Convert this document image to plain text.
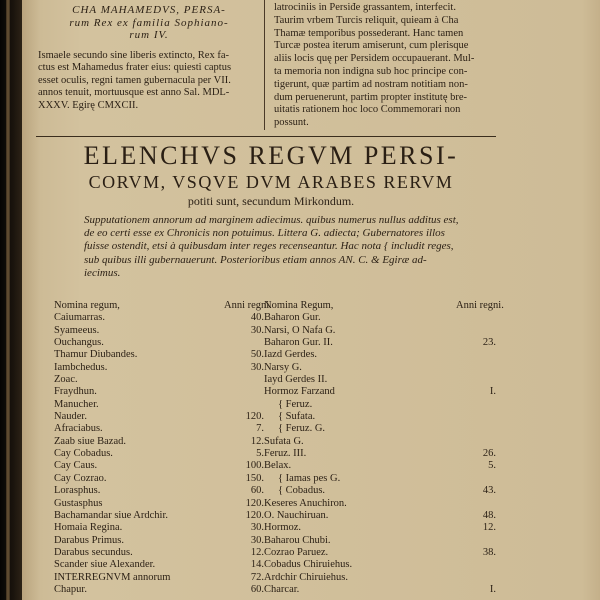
CHA MAHAMEDVS, PERSA-
rum Rex ex familia Sophiano-
rum IV.
Ismaele secundo sine liberis extincto, Rex fa-
ctus est Mahamedus frater eius: quiesti captus
esset oculis, regni tamen gubernacula per VII.
annos tenuit, mortuusque est anno Sal. MDL-
XXXV. Egirę CMXCII.
latrociniis in Persiđe grassantem, interfecit.
Taurim vrbem Turcis reliquit, quieam à Cha
Thamæ temporibus possederant. Hanc tamen
Turcæ postea iterum amiserunt, cum plerisque
aliis locis quę per Persidem occupauerant. Mul-
ta memoria non indigna sub hoc principe con-
tigerunt, quæ partim ad nostram notitiam non-
dum peruenerunt, partim propter institutę bre-
uitatis rationem hoc loco Commemorari non
possunt.
ELENCHVS REGVM PERSI-
CORVM, VSQVE DVM ARABES RERVM
potiti sunt, secundum Mirkondum.
Supputationem annorum ad marginem adiecimus. quibus numerus nullus additus est,
de eo certi esse ex Chronicis non potuimus. Littera G. adiecta; Gubernatores illos
fuisse ostendit, etsi à quibusdam inter reges recenseantur. Hac nota { includit reges,
sub quibus illi gubernauerunt. Posterioribus etiam annos AN. C. & Egiræ ad-
iecimus.
Nomina regum,	Anni regni.
Caiumarras.	40.
Syameeus.	30.
Ouchangus.
Thamur Diubandes.	50.
Iambchedus.	30.
Zoac.
Fraydhun.
Manucher.
Nauder.	120.
Afraciabus.	7.
Zaab siue Bazad.	12.
Cay Cobadus.	5.
Cay Caus.	100.
Cay Cozrao.	150.
Lorasphus.	60.
Gustasphus	120.
Bachamandar siue Ardchir.	120.
Homaia Regina.	30.
Darabus Primus.	30.
Darabus secundus.	12.
Scander siue Alexander.	14.
INTERREGNVM annorum	72.
Chapur.	60.
Nomina Regum,	Anni regni.
Baharon Gur.
Narsi, O Nafa G.
Baharon Gur. II.	23.
Iazd Gerdes.
Narsy G.
Iayd Gerdes II.
Hormoz Farzand	I.
{ Feruz.
{ Sufata.
{ Feruz. G.
Sufata G.
Feruz. III.	26.
Belax.	5.
{ Iamas pes G.
{ Cobadus.	43.
Keseres Anuchiron.
O. Nauchiruan.	48.
Hormoz.	12.
Baharou Chubi.
Cozrao Paruez.	38.
Cobadus Chiruiehus.
Ardchir Chiruiehus.
Charcar.	I.
